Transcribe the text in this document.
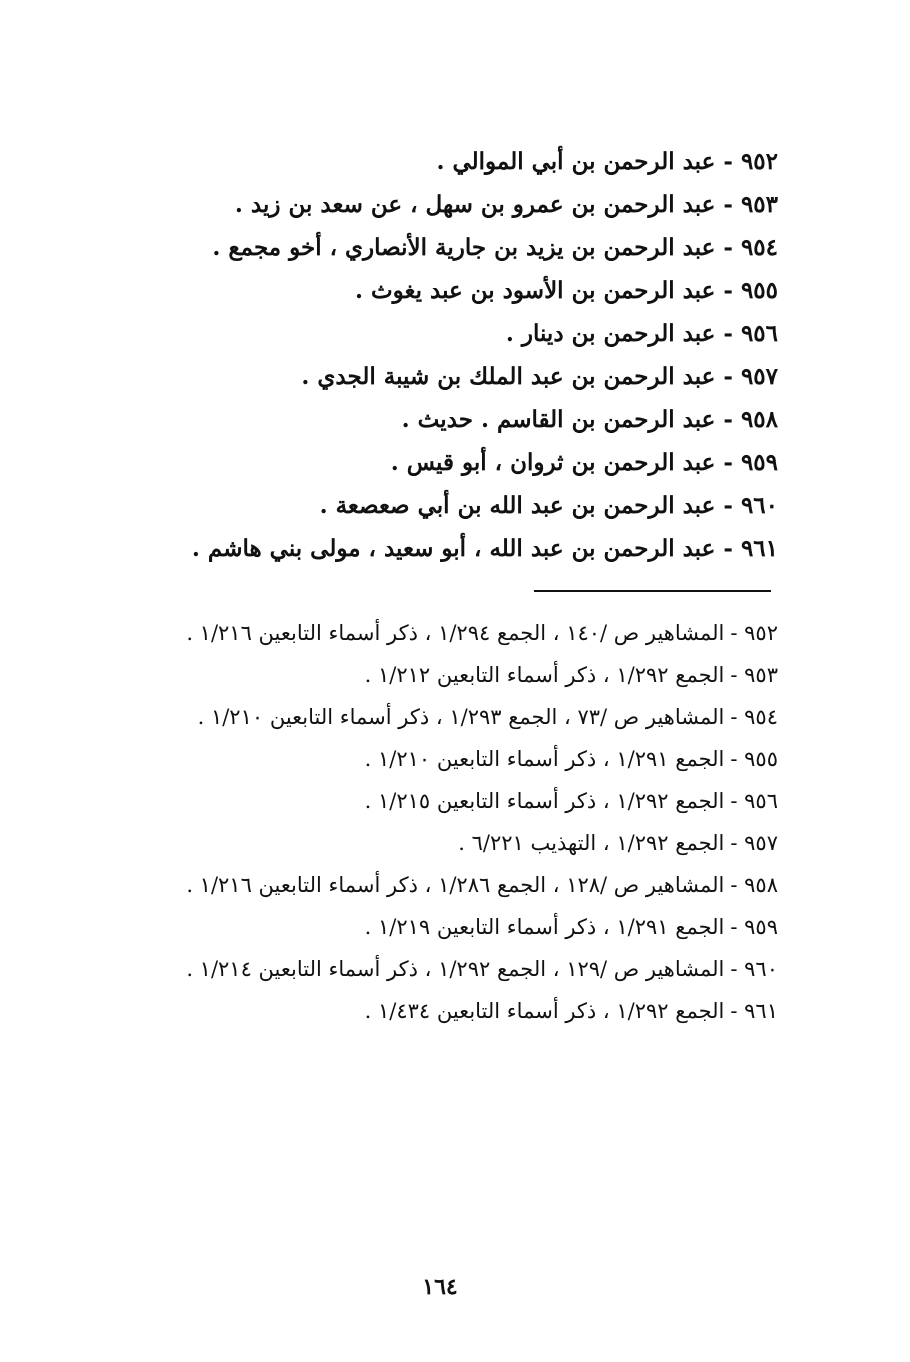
٩٥٢ - عبد الرحمن بن أبي الموالي .
٩٥٣ - عبد الرحمن بن عمرو بن سهل ، عن سعد بن زيد .
٩٥٤ - عبد الرحمن بن يزيد بن جارية الأنصاري ، أخو مجمع .
٩٥٥ - عبد الرحمن بن الأسود بن عبد يغوث .
٩٥٦ - عبد الرحمن بن دينار .
٩٥٧ - عبد الرحمن بن عبد الملك بن شيبة الجدي .
٩٥٨ - عبد الرحمن بن القاسم . حديث .
٩٥٩ - عبد الرحمن بن ثروان ، أبو قيس .
٩٦٠ - عبد الرحمن بن عبد الله بن أبي صعصعة .
٩٦١ - عبد الرحمن بن عبد الله ، أبو سعيد ، مولى بني هاشم .
٩٥٢ -المشاهير ص /١٤٠ ، الجمع ١/٢٩٤ ، ذكر أسماء التابعين ١/٢١٦ .
٩٥٣ -الجمع ١/٢٩٢ ، ذكر أسماء التابعين ١/٢١٢ .
٩٥٤ -المشاهير ص /٧٣ ، الجمع ١/٢٩٣ ، ذكر أسماء التابعين ١/٢١٠ .
٩٥٥ -الجمع ١/٢٩١ ، ذكر أسماء التابعين ١/٢١٠ .
٩٥٦ -الجمع ١/٢٩٢ ، ذكر أسماء التابعين ١/٢١٥ .
٩٥٧ -الجمع ١/٢٩٢ ، التهذيب ٦/٢٢١ .
٩٥٨ -المشاهير ص /١٢٨ ، الجمع ١/٢٨٦ ، ذكر أسماء التابعين ١/٢١٦ .
٩٥٩ -الجمع ١/٢٩١ ، ذكر أسماء التابعين ١/٢١٩ .
٩٦٠ -المشاهير ص /١٢٩ ، الجمع ١/٢٩٢ ، ذكر أسماء التابعين ١/٢١٤ .
٩٦١ -الجمع ١/٢٩٢ ، ذكر أسماء التابعين ١/٤٣٤ .
١٦٤
